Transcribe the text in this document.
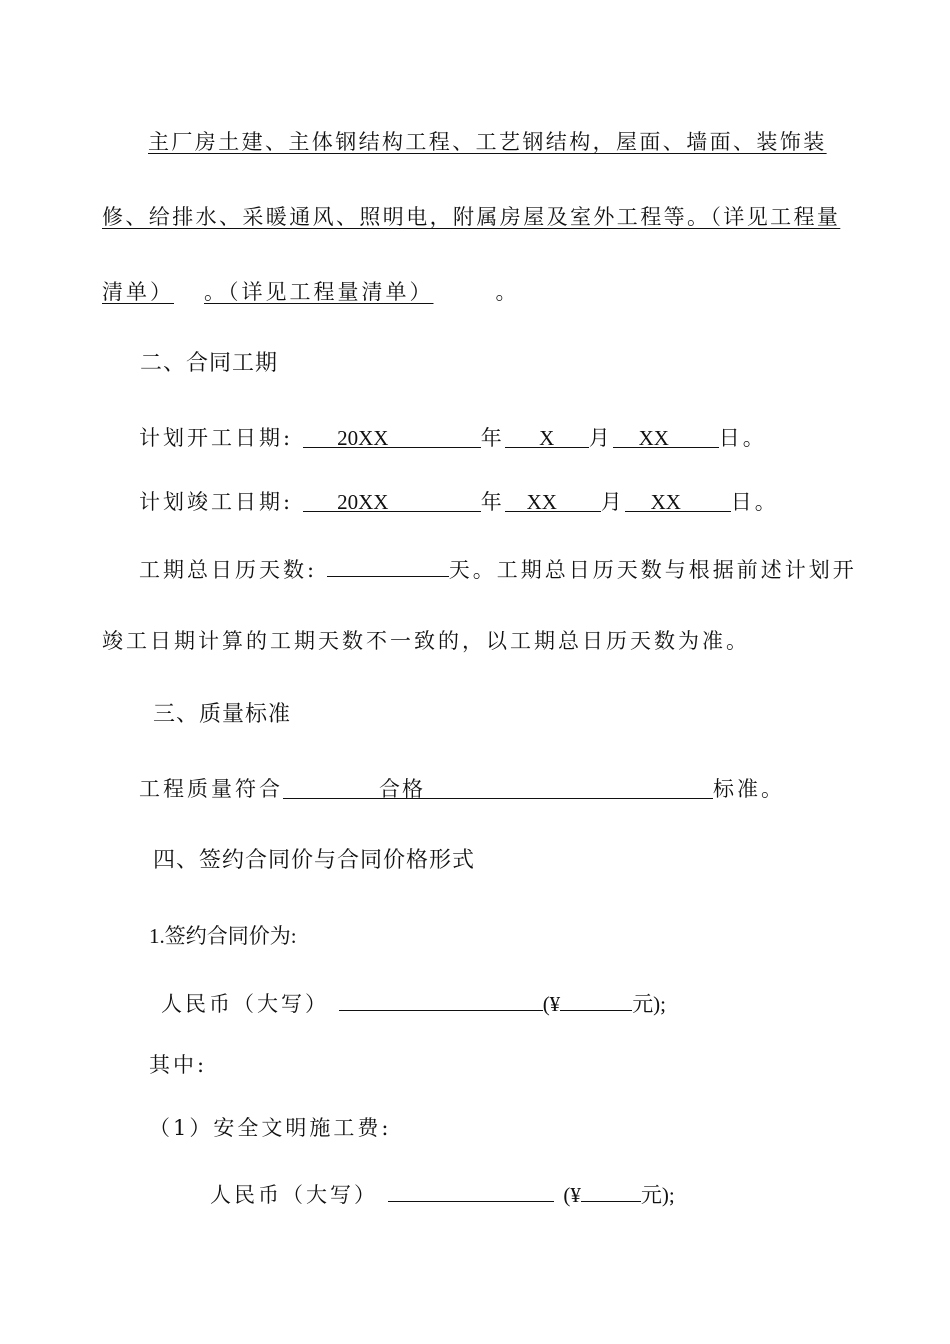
主厂房土建、主体钢结构工程、工艺钢结构，屋面、墙面、装饰装
修、给排水、采暖通风、照明电，附属房屋及室外工程等。（详见工程量
清单） 。（详见工程量清单）	。
二、合同工期
计划开工日期: 20XX	年 X 月 XX 日。
计划竣工日期: 20XX	年 XX 月 XX 日。
工期总日历天数:	天。工期总日历天数与根据前述计划开
竣工日期计算的工期天数不一致的，以工期总日历天数为准。
三、质量标准
工程质量符合	合格	标准。
四、签约合同价与合同价格形式
1.签约合同价为:
人民币（大写）	(¥	元);
其中:
（1）安全文明施工费:
人民币（大写）	(¥	元);
